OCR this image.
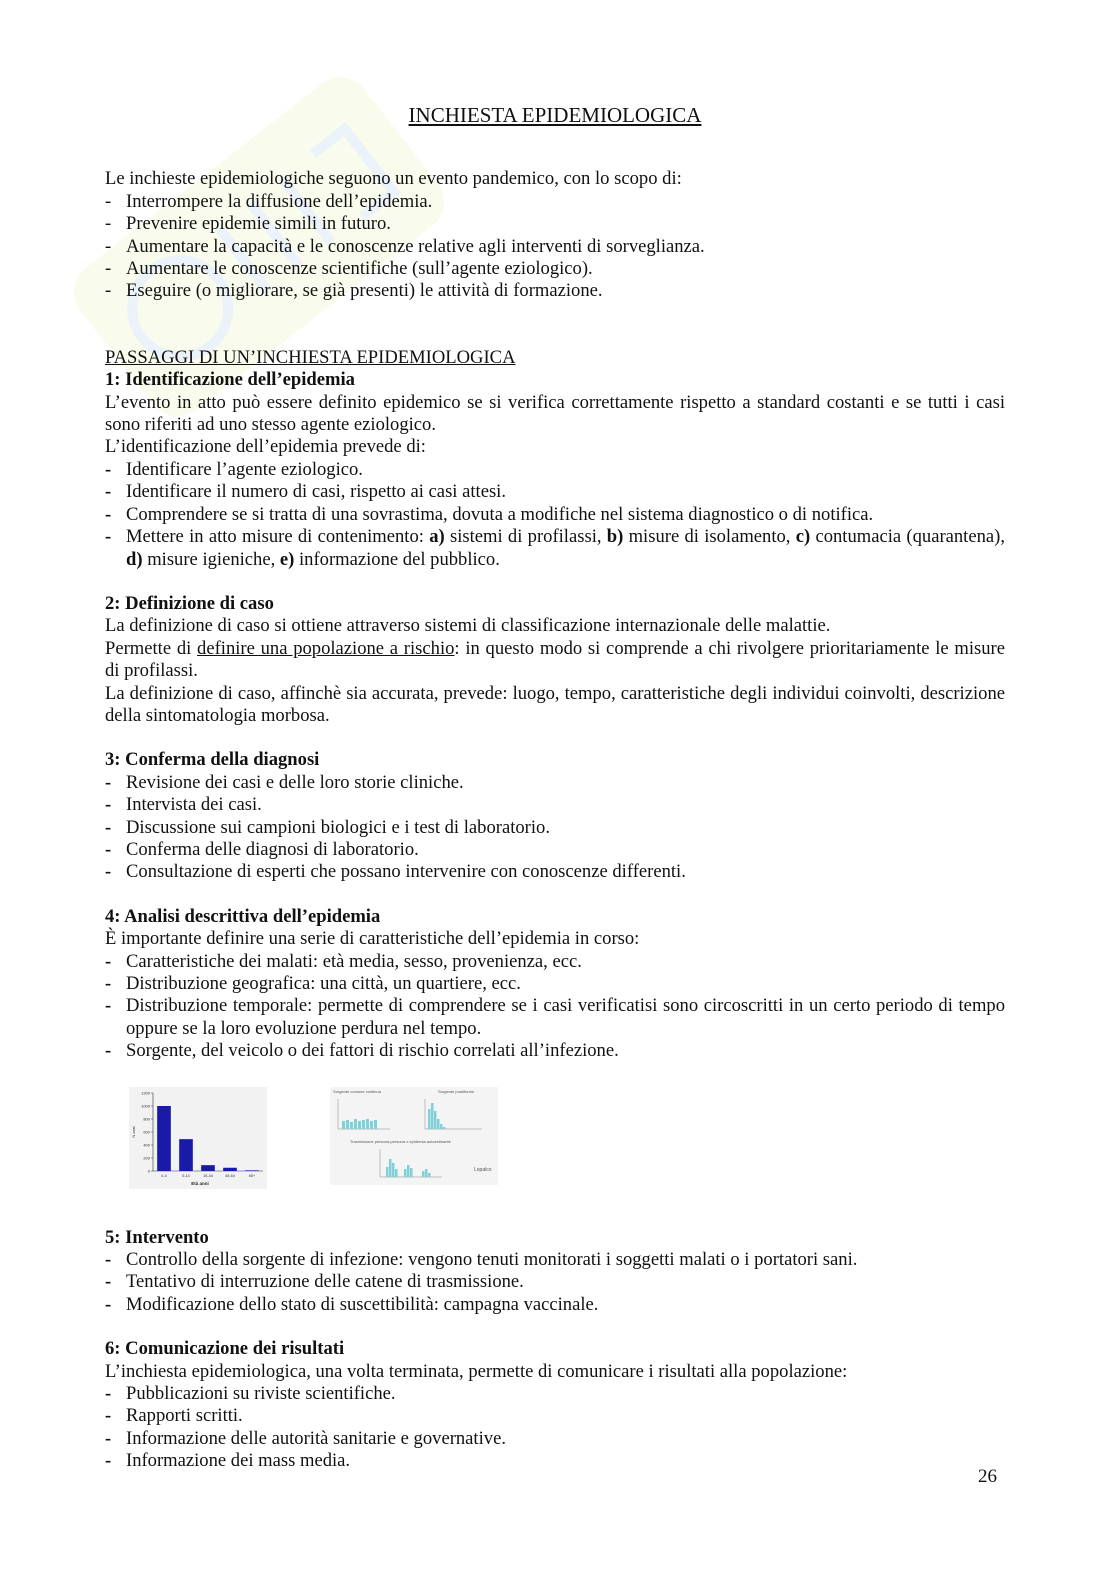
INCHIESTA EPIDEMIOLOGICA

Le inchieste epidemiologiche seguono un evento pandemico, con lo scopo di:

- Interrompere la diffusione dell’epidemia.
- Prevenire epidemie simili in futuro.
- Aumentare la capacità e le conoscenze relative agli interventi di sorveglianza.
- Aumentare le conoscenze scientifiche (sull’agente eziologico).
- Eseguire (o migliorare, se già presenti) le attività di formazione.

PASSAGGI DI UN’INCHIESTA EPIDEMIOLOGICA

1: Identificazione dell’epidemia

L’evento in atto può essere definito epidemico se si verifica correttamente rispetto a standard costanti e se tutti i casi sono riferiti ad uno stesso agente eziologico.

L’identificazione dell’epidemia prevede di:

- Identificare l’agente eziologico.
- Identificare il numero di casi, rispetto ai casi attesi.
- Comprendere se si tratta di una sovrastima, dovuta a modifiche nel sistema diagnostico o di notifica.
- Mettere in atto misure di contenimento: a) sistemi di profilassi, b) misure di isolamento, c) contumacia (quarantena), d) misure igieniche, e) informazione del pubblico.
2: Definizione di caso

La definizione di caso si ottiene attraverso sistemi di classificazione internazionale delle malattie.

Permette di definire una popolazione a rischio: in questo modo si comprende a chi rivolgere prioritariamente le misure di profilassi.

La definizione di caso, affinchè sia accurata, prevede: luogo, tempo, caratteristiche degli individui coinvolti, descrizione della sintomatologia morbosa.

3: Conferma della diagnosi
- Revisione dei casi e delle loro storie cliniche.
- Intervista dei casi.
- Discussione sui campioni biologici e i test di laboratorio.
- Conferma delle diagnosi di laboratorio.
- Consultazione di esperti che possano intervenire con conoscenze differenti.
4: Analisi descrittiva dell’epidemia

È importante definire una serie di caratteristiche dell’epidemia in corso:

- Caratteristiche dei malati: età media, sesso, provenienza, ecc.
- Distribuzione geografica: una città, un quartiere, ecc.
- Distribuzione temporale: permette di comprendere se i casi verificatisi sono circoscritti in un certo periodo di tempo oppure se la loro evoluzione perdura nel tempo.
- Sorgente, del veicolo o dei fattori di rischio correlati all’infezione.
0
200
400
600
800
1000
1200
0-4	5-14	15-44	45-64	65+
Età anni
N casi
Sorgente comune continua	Sorgente puntiforme
Trasmissione persona-persona o epidemia autoestinante
Lopalco
5: Intervento
- Controllo della sorgente di infezione: vengono tenuti monitorati i soggetti malati o i portatori sani.
- Tentativo di interruzione delle catene di trasmissione.
- Modificazione dello stato di suscettibilità: campagna vaccinale.
6: Comunicazione dei risultati

L’inchiesta epidemiologica, una volta terminata, permette di comunicare i risultati alla popolazione:

- Pubblicazioni su riviste scientifiche.
- Rapporti scritti.
- Informazione delle autorità sanitarie e governative.
- Informazione dei mass media.
26
